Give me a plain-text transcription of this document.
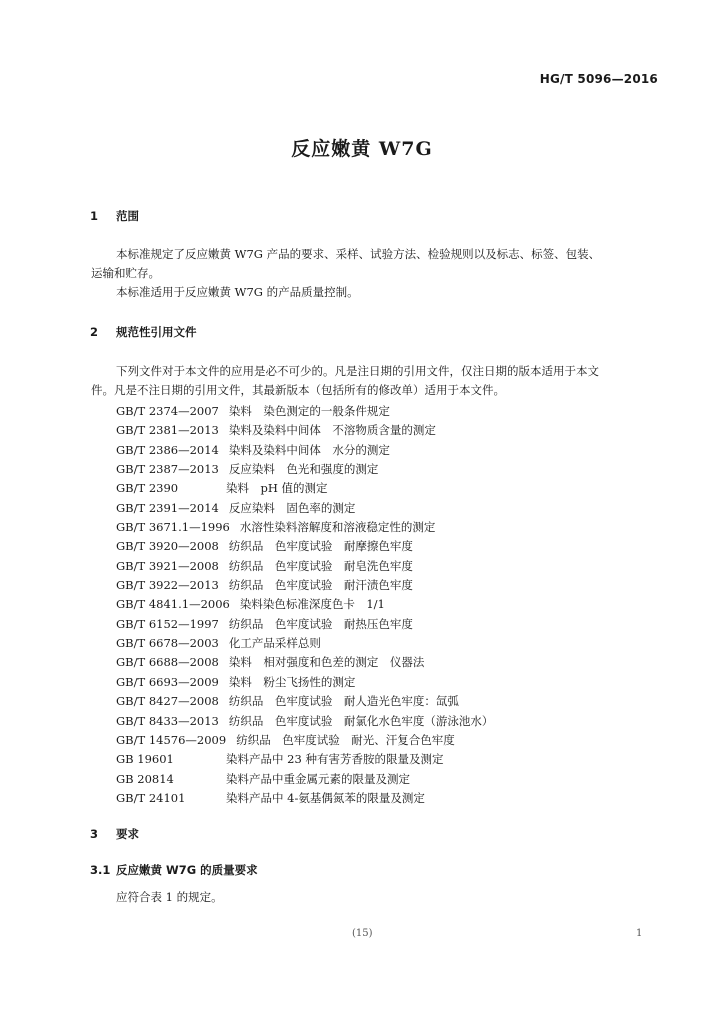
HG/T 5096—2016
反应嫩黄 W7G
1 范围
本标准规定了反应嫩黄 W7G 产品的要求、采样、试验方法、检验规则以及标志、标签、包装、
运输和贮存。
本标准适用于反应嫩黄 W7G 的产品质量控制。
2 规范性引用文件
下列文件对于本文件的应用是必不可少的。凡是注日期的引用文件，仅注日期的版本适用于本文
件。凡是不注日期的引用文件，其最新版本（包括所有的修改单）适用于本文件。
GB/T 2374—2007 染料　染色测定的一般条件规定
GB/T 2381—2013 染料及染料中间体　不溶物质含量的测定
GB/T 2386—2014 染料及染料中间体　水分的测定
GB/T 2387—2013 反应染料　色光和强度的测定
GB/T 2390	染料　pH 值的测定
GB/T 2391—2014 反应染料　固色率的测定
GB/T 3671.1—1996 水溶性染料溶解度和溶液稳定性的测定
GB/T 3920—2008 纺织品　色牢度试验　耐摩擦色牢度
GB/T 3921—2008 纺织品　色牢度试验　耐皂洗色牢度
GB/T 3922—2013 纺织品　色牢度试验　耐汗渍色牢度
GB/T 4841.1—2006 染料染色标准深度色卡　1/1
GB/T 6152—1997 纺织品　色牢度试验　耐热压色牢度
GB/T 6678—2003 化工产品采样总则
GB/T 6688—2008 染料　相对强度和色差的测定　仪器法
GB/T 6693—2009 染料　粉尘飞扬性的测定
GB/T 8427—2008 纺织品　色牢度试验　耐人造光色牢度：氙弧
GB/T 8433—2013 纺织品　色牢度试验　耐氯化水色牢度（游泳池水）
GB/T 14576—2009 纺织品　色牢度试验　耐光、汗复合色牢度
GB 19601	染料产品中 23 种有害芳香胺的限量及测定
GB 20814	染料产品中重金属元素的限量及测定
GB/T 24101	染料产品中 4-氨基偶氮苯的限量及测定
3 要求
3.1 反应嫩黄 W7G 的质量要求
应符合表 1 的规定。
(15)	1
